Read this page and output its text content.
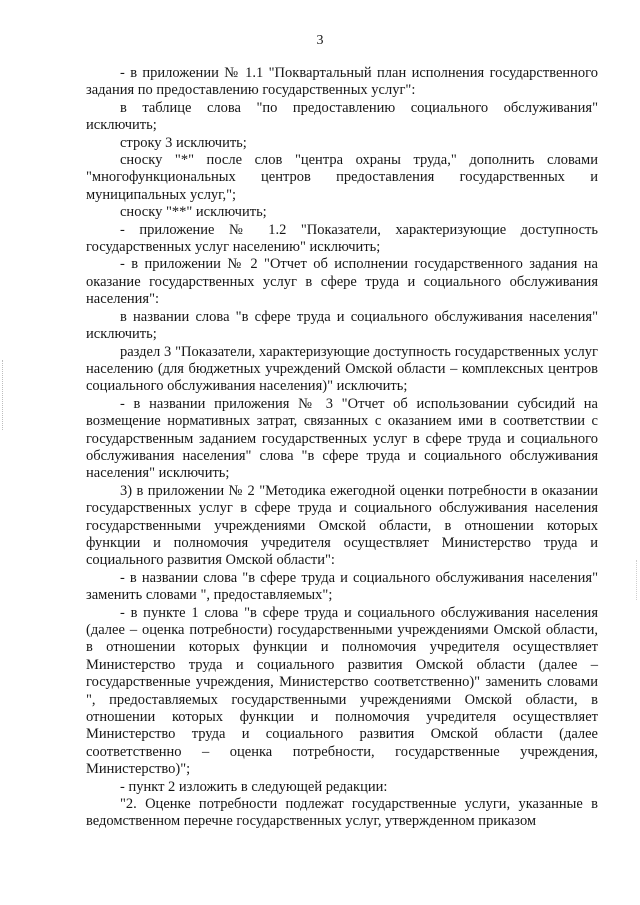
3

- в приложении № 1.1 "Поквартальный план исполнения государственного задания по предоставлению государственных услуг":

в таблице слова "по предоставлению социального обслуживания" исключить;

строку 3 исключить;

сноску "*" после слов "центра охраны труда," дополнить словами "многофункциональных центров предоставления государственных и муниципальных услуг,";

сноску "**" исключить;

- приложение № 1.2 "Показатели, характеризующие доступность государственных услуг населению" исключить;

- в приложении № 2 "Отчет об исполнении государственного задания на оказание государственных услуг в сфере труда и социального обслуживания населения":

в названии слова "в сфере труда и социального обслуживания населения" исключить;

раздел 3 "Показатели, характеризующие доступность государственных услуг населению (для бюджетных учреждений Омской области – комплексных центров социального обслуживания населения)" исключить;

- в названии приложения № 3 "Отчет об использовании субсидий на возмещение нормативных затрат, связанных с оказанием ими в соответствии с государственным заданием государственных услуг в сфере труда и социального обслуживания населения" слова "в сфере труда и социального обслуживания населения" исключить;

3) в приложении № 2 "Методика ежегодной оценки потребности в оказании государственных услуг в сфере труда и социального обслуживания населения государственными учреждениями Омской области, в отношении которых функции и полномочия учредителя осуществляет Министерство труда и социального развития Омской области":

- в названии слова "в сфере труда и социального обслуживания населения" заменить словами ", предоставляемых";

- в пункте 1 слова "в сфере труда и социального обслуживания населения (далее – оценка потребности) государственными учреждениями Омской области, в отношении которых функции и полномочия учредителя осуществляет Министерство труда и социального развития Омской области (далее – государственные учреждения, Министерство соответственно)" заменить словами ", предоставляемых государственными учреждениями Омской области, в отношении которых функции и полномочия учредителя осуществляет Министерство труда и социального развития Омской области (далее соответственно – оценка потребности, государственные учреждения, Министерство)";

- пункт 2 изложить в следующей редакции:

"2. Оценке потребности подлежат государственные услуги, указанные в ведомственном перечне государственных услуг, утвержденном приказом
